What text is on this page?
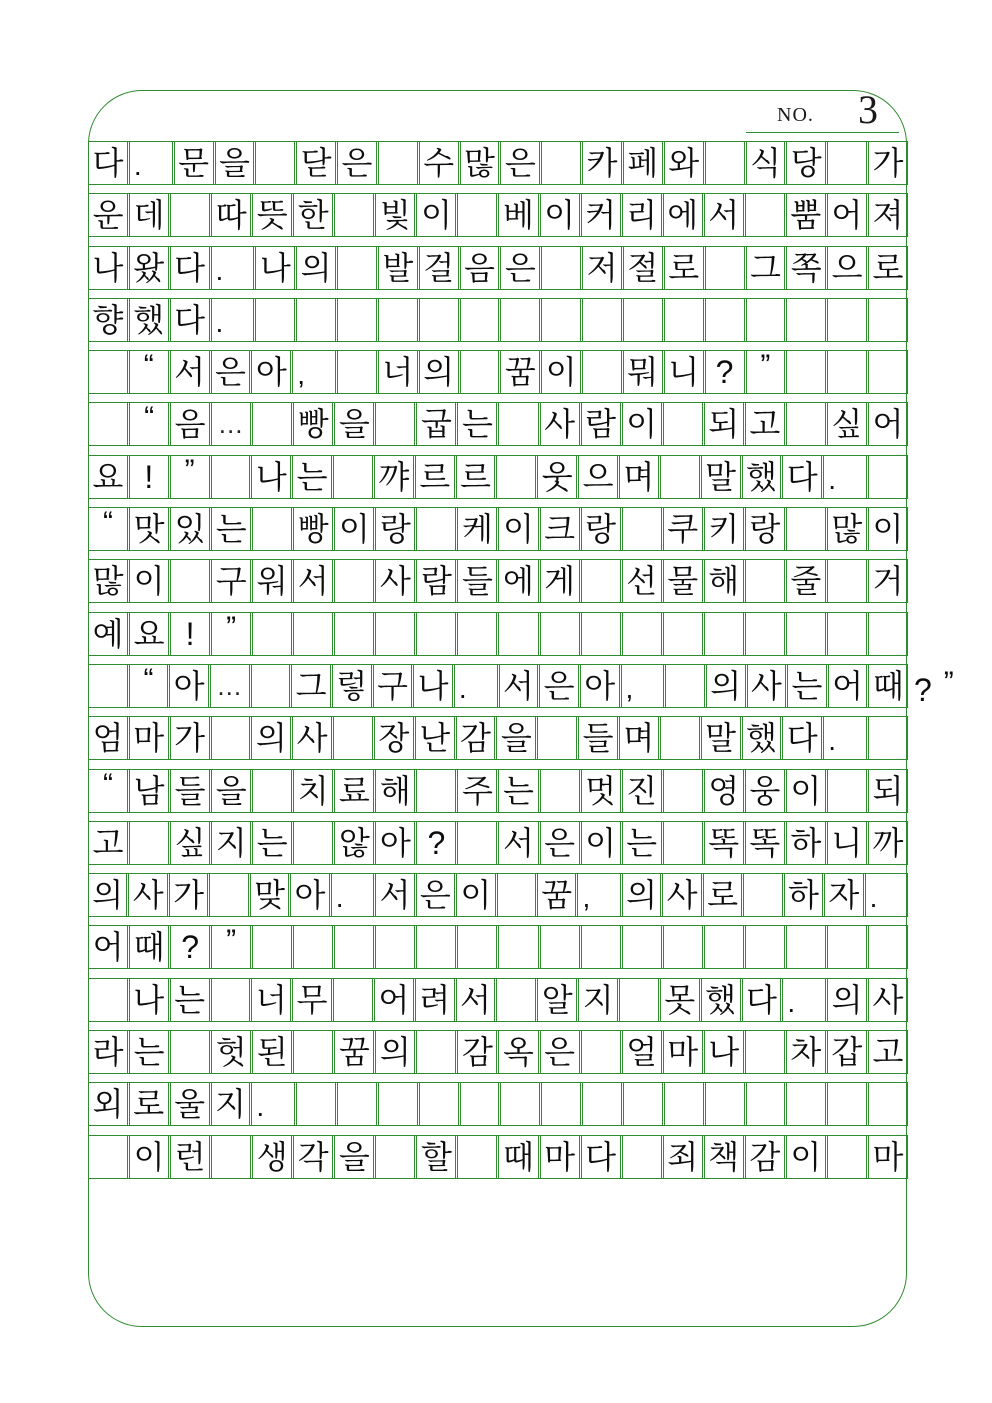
NO. 3
다 .	문 을 닫 은 수 많 은 카 페 와 식 당 가
운 데 따 뜻 한 빛 이 베 이 커 리 에 서 뿜 어 져
나 왔 다 .	나 의 발 걸 음 은 저 절 로 그 쪽 으 로
향 했 다 .
“ 서 은 아 ,	너 의 꿈 이 뭐 니 ? ”
“ 음 … 빵 을 굽 는 사 람 이 되 고 싶 어
요 !	”	나 는 꺄 르 르 웃 으 며 말 했 다 .
“ 맛 있 는 빵 이 랑 케 이 크 랑 쿠 키 랑 많 이
많 이 구 워 서 사 람 들 에 게 선 물 해 줄 거
예 요 !	”
“ 아 … 그 렇 구 나 .	서 은 아 ,	의 사 는 어 때
엄 마 가 의 사 장 난 감 을 들 며 말 했 다 .
“ 남 들 을 치 료 해 주 는 멋 진 영 웅 이 되
고 싶 지 는 않 아 ?	서 은 이 는 똑 똑 하 니 까
의 사 가 맞 아 .	서 은 이 꿈 ,	의 사 로 하 자 .
어 때 ? ”
나 는 너 무 어 려 서 알 지 못 했 다 .	의 사
라 는 헛 된 꿈 의 감 옥 은 얼 마 나 차 갑 고
외 로 울 지 .
이 런 생 각 을 할 때 마 다 죄 책 감 이 마
? ”
